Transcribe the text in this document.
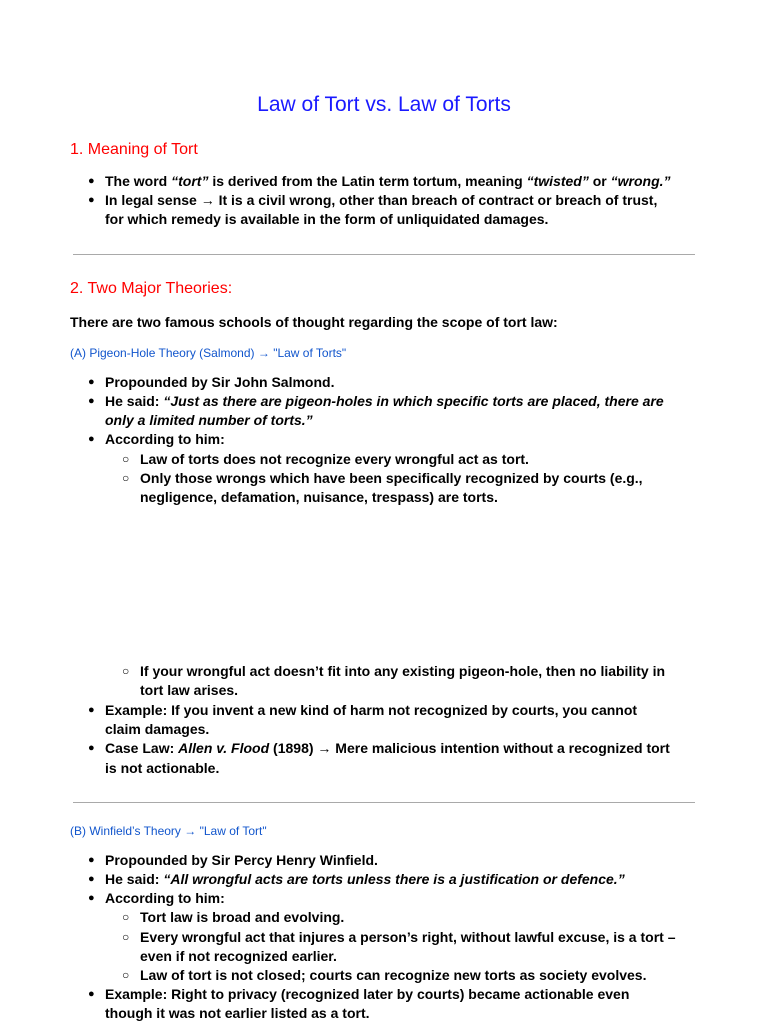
Law of Tort vs. Law of Torts
1. Meaning of Tort
● The word “tort” is derived from the Latin term tortum, meaning “twisted” or “wrong.”
● In legal sense → It is a civil wrong, other than breach of contract or breach of trust,
for which remedy is available in the form of unliquidated damages.
2. Two Major Theories:
There are two famous schools of thought regarding the scope of tort law:
(A) Pigeon-Hole Theory (Salmond) → "Law of Torts"
● Propounded by Sir John Salmond.
● He said: “Just as there are pigeon-holes in which specific torts are placed, there are
only a limited number of torts.”
● According to him:
○ Law of torts does not recognize every wrongful act as tort.
○ Only those wrongs which have been specifically recognized by courts (e.g.,
negligence, defamation, nuisance, trespass) are torts.
○ If your wrongful act doesn’t fit into any existing pigeon-hole, then no liability in
tort law arises.
● Example: If you invent a new kind of harm not recognized by courts, you cannot
claim damages.
● Case Law: Allen v. Flood (1898) → Mere malicious intention without a recognized tort
is not actionable.
(B) Winfield’s Theory → "Law of Tort"
● Propounded by Sir Percy Henry Winfield.
● He said: “All wrongful acts are torts unless there is a justification or defence.”
● According to him:
○ Tort law is broad and evolving.
○ Every wrongful act that injures a person’s right, without lawful excuse, is a tort –
even if not recognized earlier.
○ Law of tort is not closed; courts can recognize new torts as society evolves.
● Example: Right to privacy (recognized later by courts) became actionable even
though it was not earlier listed as a tort.
